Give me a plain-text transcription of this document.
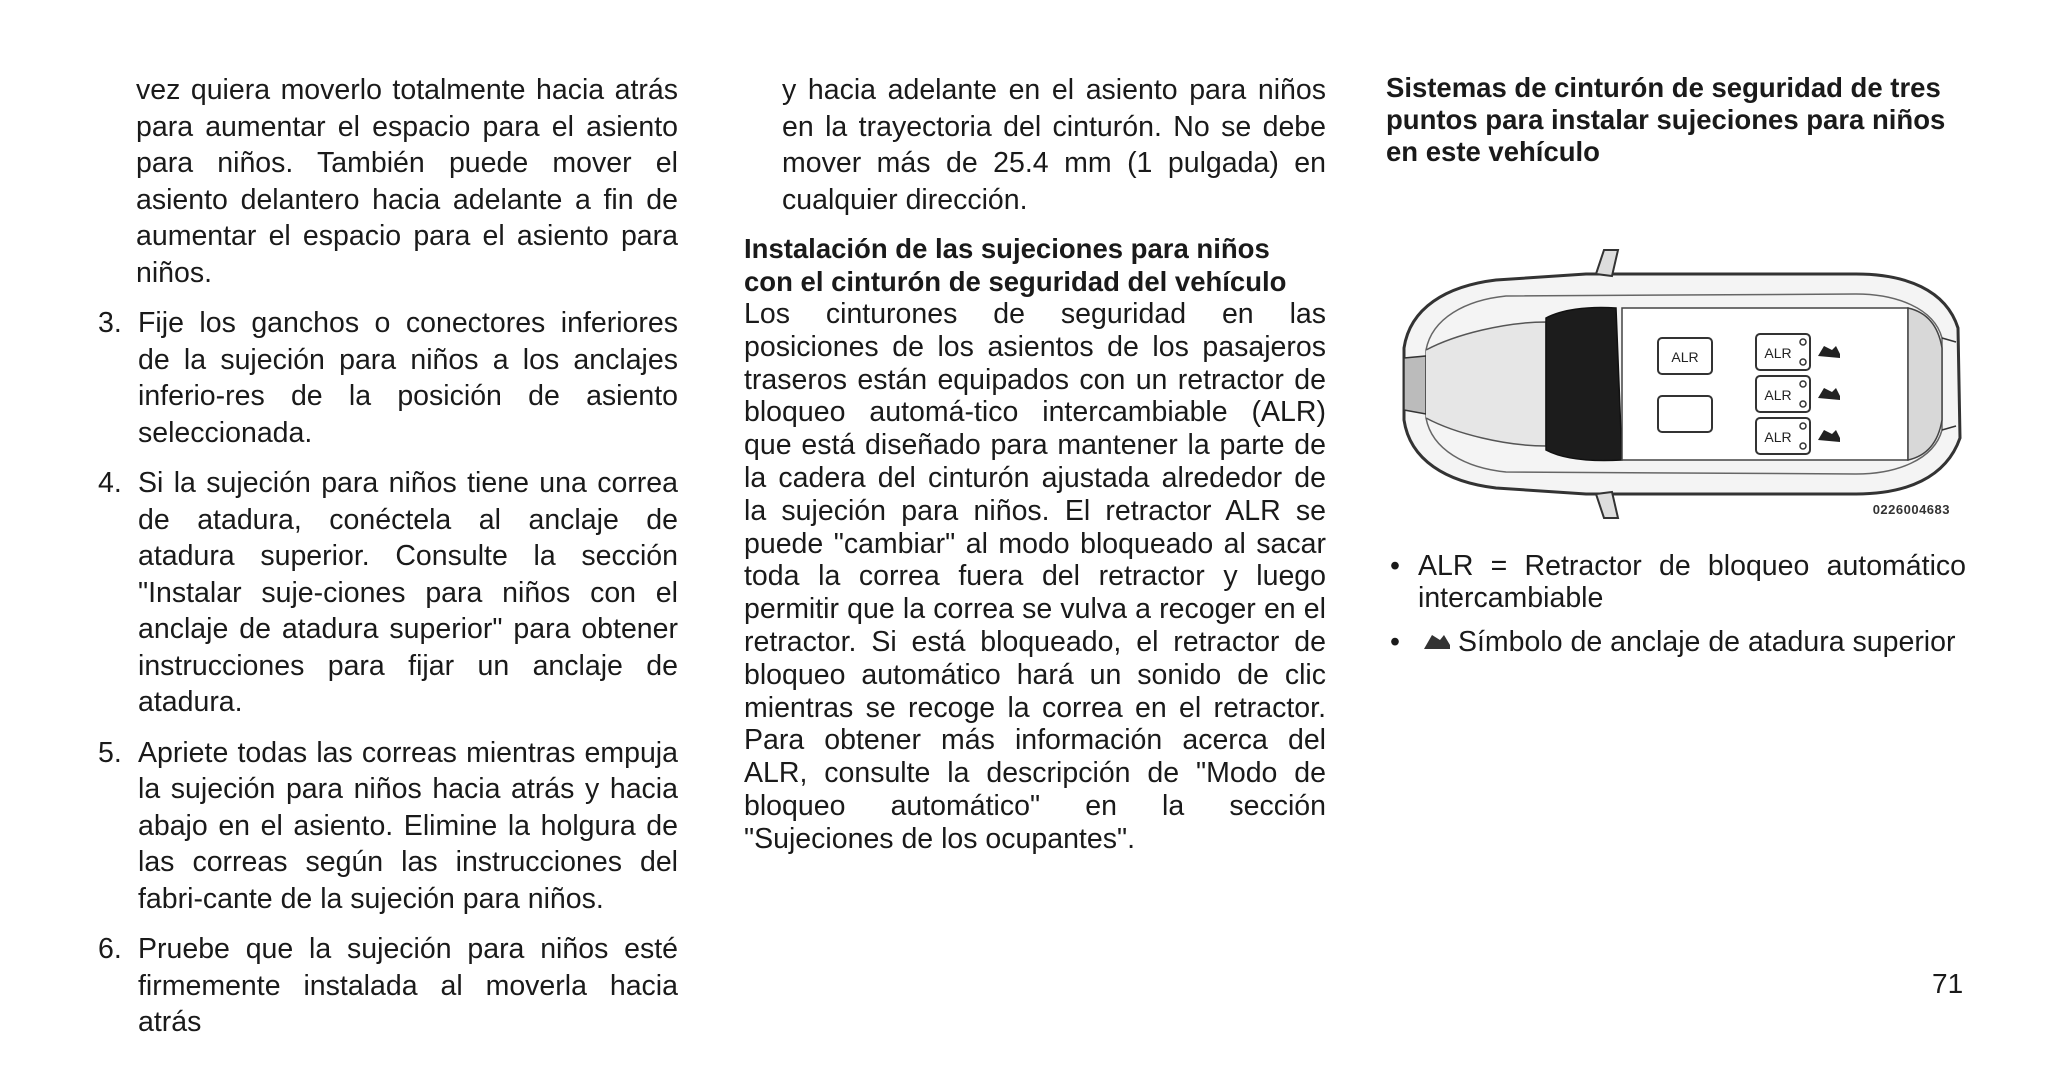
vez quiera moverlo totalmente hacia atrás para aumentar el espacio para el asiento para niños. También puede mover el asiento delantero hacia adelante a fin de aumentar el espacio para el asiento para niños.

3. Fije los ganchos o conectores inferiores de la sujeción para niños a los anclajes inferio-res de la posición de asiento seleccionada.
4. Si la sujeción para niños tiene una correa de atadura, conéctela al anclaje de atadura superior. Consulte la sección "Instalar suje-ciones para niños con el anclaje de atadura superior" para obtener instrucciones para fijar un anclaje de atadura.
5. Apriete todas las correas mientras empuja la sujeción para niños hacia atrás y hacia abajo en el asiento. Elimine la holgura de las correas según las instrucciones del fabri-cante de la sujeción para niños.
6. Pruebe que la sujeción para niños esté firmemente instalada al moverla hacia atrás

y hacia adelante en el asiento para niños en la trayectoria del cinturón. No se debe mover más de 25.4 mm (1 pulgada) en cualquier dirección.

Instalación de las sujeciones para niños con el cinturón de seguridad del vehículo

Los cinturones de seguridad en las posiciones de los asientos de los pasajeros traseros están equipados con un retractor de bloqueo automá-tico intercambiable (ALR) que está diseñado para mantener la parte de la cadera del cinturón ajustada alrededor de la sujeción para niños. El retractor ALR se puede "cambiar" al modo bloqueado al sacar toda la correa fuera del retractor y luego permitir que la correa se vulva a recoger en el retractor. Si está bloqueado, el retractor de bloqueo automático hará un sonido de clic mientras se recoge la correa en el retractor. Para obtener más información acerca del ALR, consulte la descripción de "Modo de bloqueo automático" en la sección "Sujeciones de los ocupantes".

Sistemas de cinturón de seguridad de tres puntos para instalar sujeciones para niños en este vehículo
ALR	ALR
ALR
ALR
0226004683
• ALR = Retractor de bloqueo automático intercambiable
• Símbolo de anclaje de atadura superior
71
